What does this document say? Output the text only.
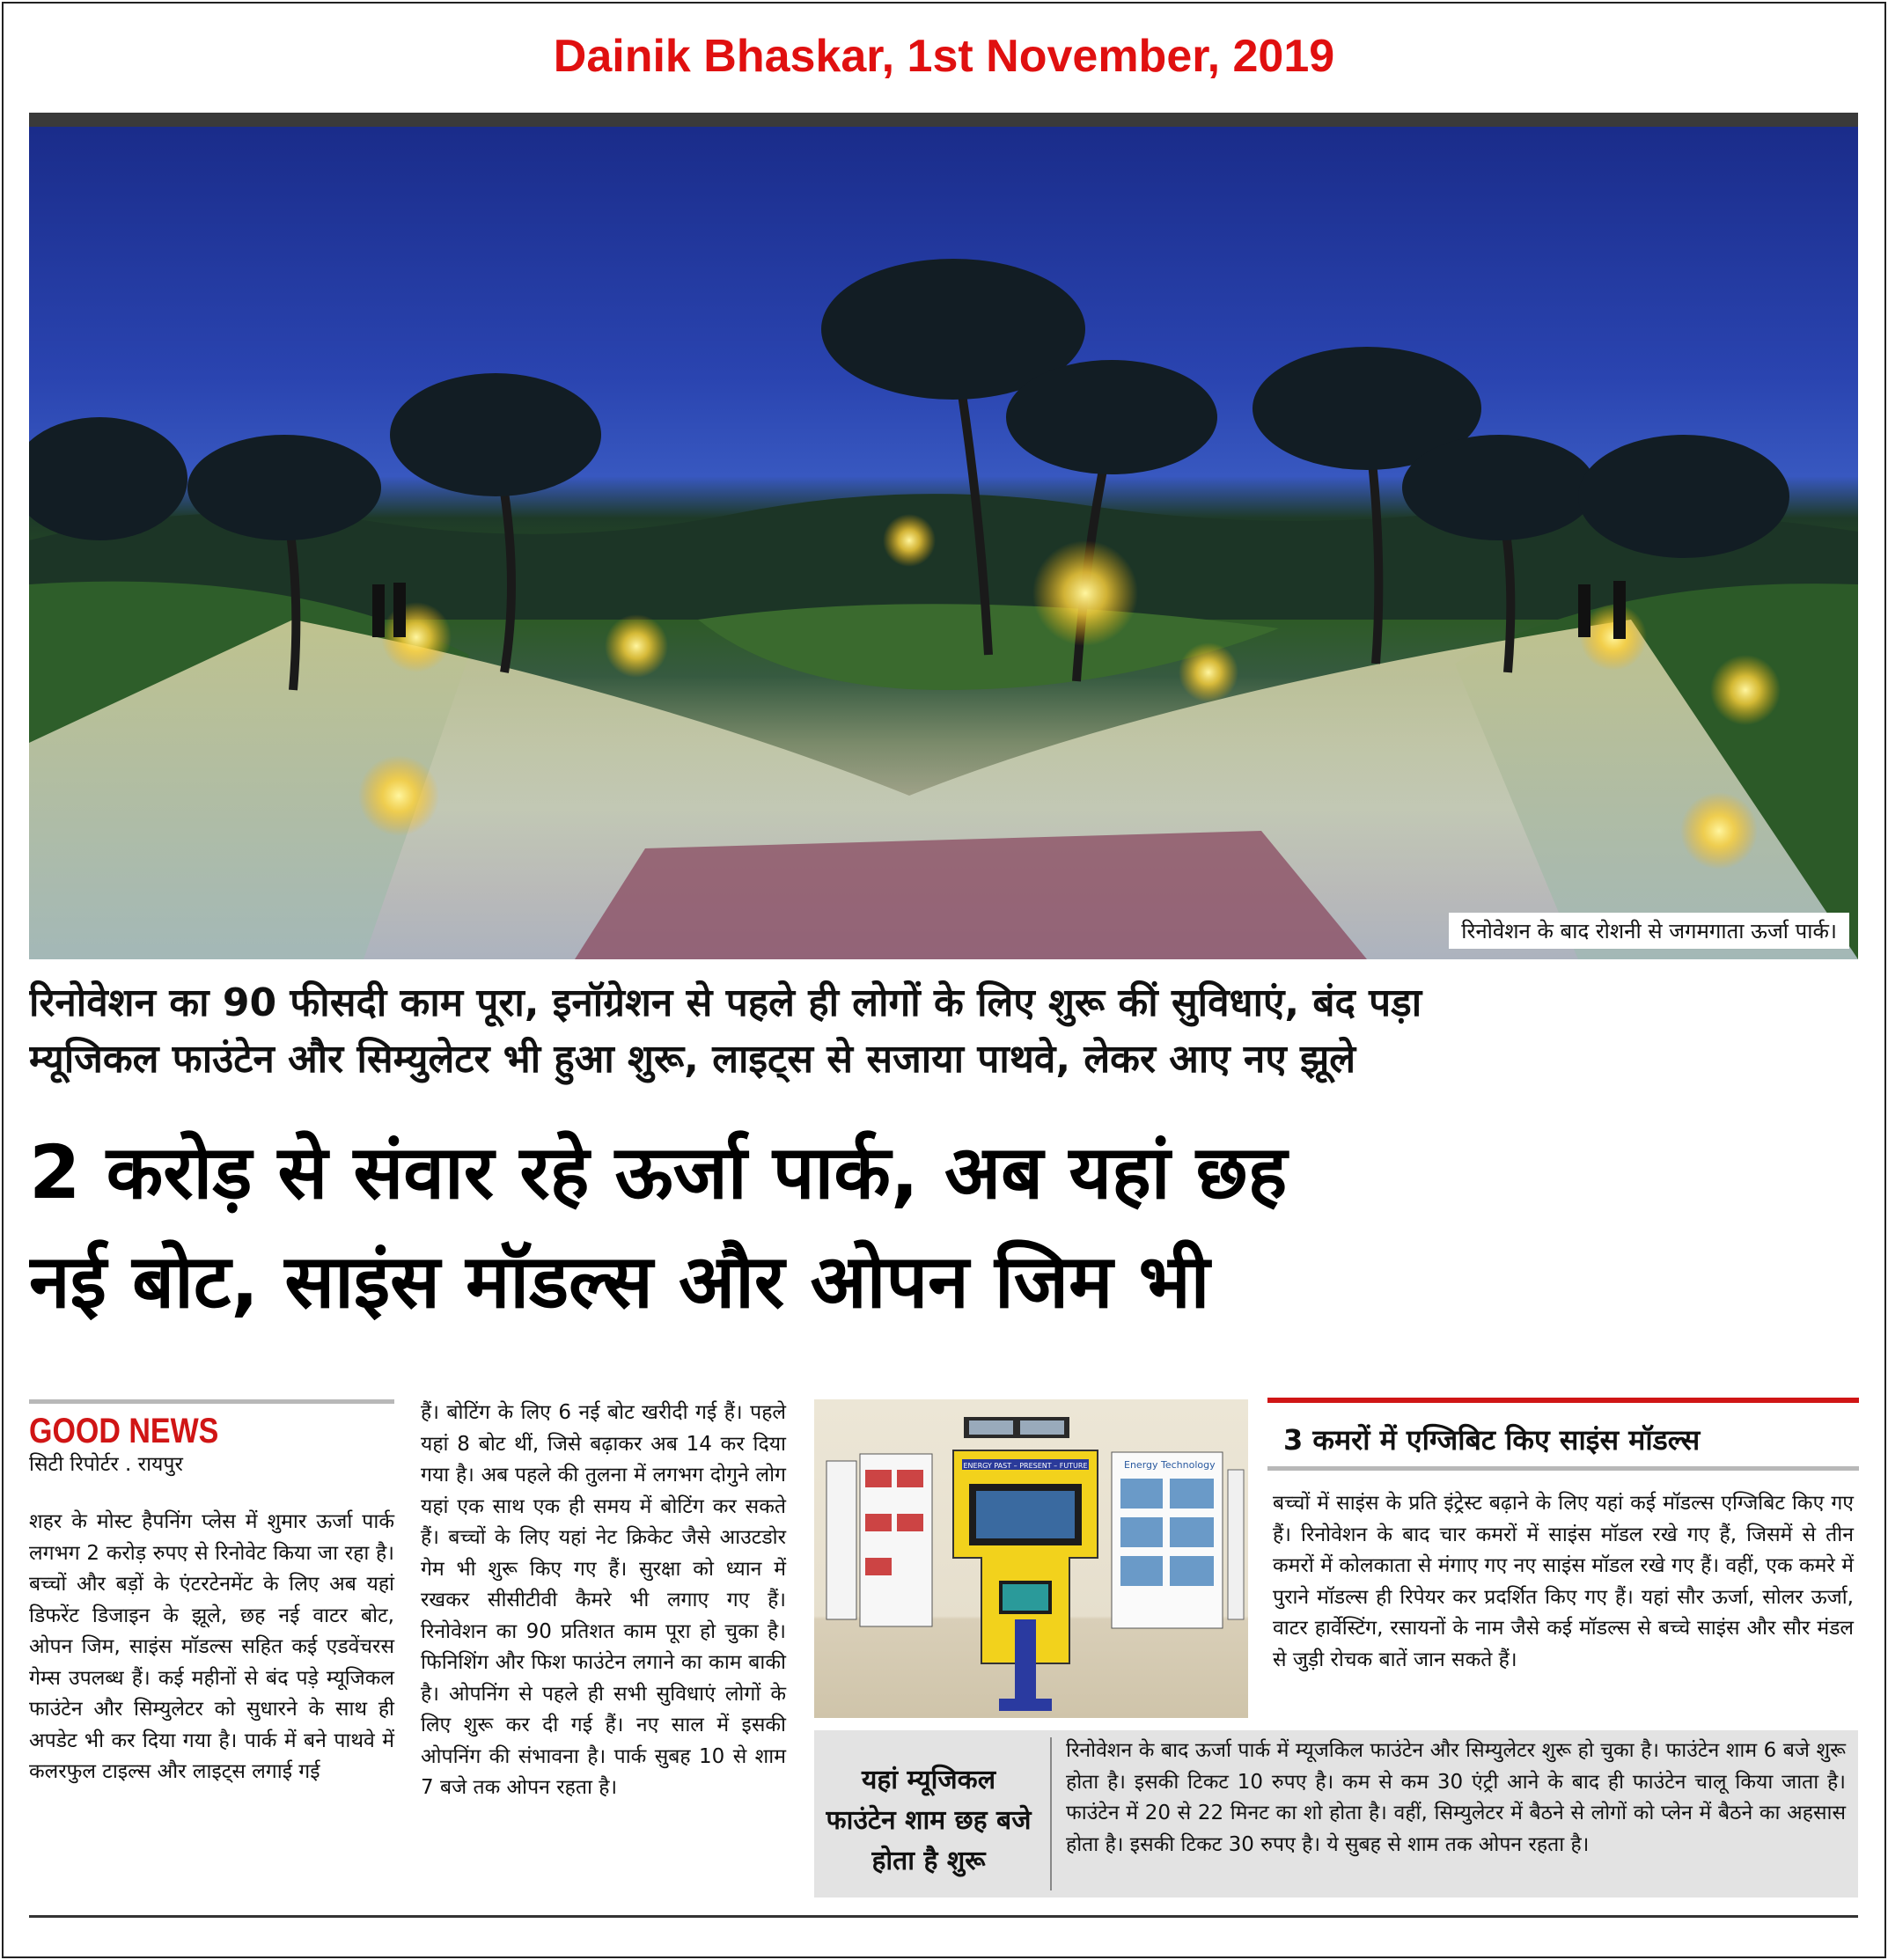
Dainik Bhaskar, 1st November, 2019
रिनोवेशन के बाद रोशनी से जगमगाता ऊर्जा पार्क।
रिनोवेशन का 90 फीसदी काम पूरा, इनॉग्रेशन से पहले ही लोगों के लिए शुरू कीं सुविधाएं, बंद पड़ा
म्यूजिकल फाउंटेन और सिम्युलेटर भी हुआ शुरू, लाइट्स से सजाया पाथवे, लेकर आए नए झूले
2 करोड़ से संवार रहे ऊर्जा पार्क, अब यहां छह
नई बोट, साइंस मॉडल्स और ओपन जिम भी
GOOD NEWS
सिटी रिपोर्टर . रायपुर

शहर के मोस्ट हैपनिंग प्लेस में शुमार ऊर्जा पार्क लगभग 2 करोड़ रुपए से रिनोवेट किया जा रहा है। बच्चों और बड़ों के एंटरटेनमेंट के लिए अब यहां डिफरेंट डिजाइन के झूले, छह नई वाटर बोट, ओपन जिम, साइंस मॉडल्स सहित कई एडवेंचरस गेम्स उपलब्ध हैं। कई महीनों से बंद पड़े म्यूजिकल फाउंटेन और सिम्युलेटर को सुधारने के साथ ही अपडेट भी कर दिया गया है। पार्क में बने पाथवे में कलरफुल टाइल्स और लाइट्स लगाई गई

हैं। बोटिंग के लिए 6 नई बोट खरीदी गई हैं। पहले यहां 8 बोट थीं, जिसे बढ़ाकर अब 14 कर दिया गया है। अब पहले की तुलना में लगभग दोगुने लोग यहां एक साथ एक ही समय में बोटिंग कर सकते हैं। बच्चों के लिए यहां नेट क्रिकेट जैसे आउटडोर गेम भी शुरू किए गए हैं। सुरक्षा को ध्यान में रखकर सीसीटीवी कैमरे भी लगाए गए हैं। रिनोवेशन का 90 प्रतिशत काम पूरा हो चुका है। फिनिशिंग और फिश फाउंटेन लगाने का काम बाकी है। ओपनिंग से पहले ही सभी सुविधाएं लोगों के लिए शुरू कर दी गई हैं। नए साल में इसकी ओपनिंग की संभावना है। पार्क सुबह 10 से शाम 7 बजे तक ओपन रहता है।

ENERGY PAST – PRESENT – FUTURE	Energy Technology
3 कमरों में एग्जिबिट किए साइंस मॉडल्स

बच्चों में साइंस के प्रति इंट्रेस्ट बढ़ाने के लिए यहां कई मॉडल्स एग्जिबिट किए गए हैं। रिनोवेशन के बाद चार कमरों में साइंस मॉडल रखे गए हैं, जिसमें से तीन कमरों में कोलकाता से मंगाए गए नए साइंस मॉडल रखे गए हैं। वहीं, एक कमरे में पुराने मॉडल्स ही रिपेयर कर प्रदर्शित किए गए हैं। यहां सौर ऊर्जा, सोलर ऊर्जा, वाटर हार्वेस्टिंग, रसायनों के नाम जैसे कई मॉडल्स से बच्चे साइंस और सौर मंडल से जुड़ी रोचक बातें जान सकते हैं।

यहां म्यूजिकल फाउंटेन शाम छह बजे होता है शुरू

रिनोवेशन के बाद ऊर्जा पार्क में म्यूजकिल फाउंटेन और सिम्युलेटर शुरू हो चुका है। फाउंटेन शाम 6 बजे शुरू होता है। इसकी टिकट 10 रुपए है। कम से कम 30 एंट्री आने के बाद ही फाउंटेन चालू किया जाता है। फाउंटेन में 20 से 22 मिनट का शो होता है। वहीं, सिम्युलेटर में बैठने से लोगों को प्लेन में बैठने का अहसास होता है। इसकी टिकट 30 रुपए है। ये सुबह से शाम तक ओपन रहता है।
